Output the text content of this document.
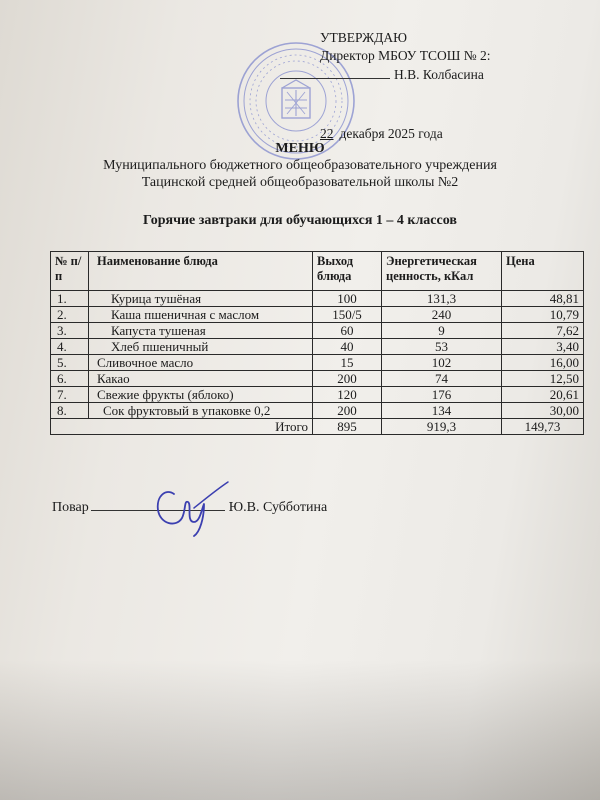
УТВЕРЖДАЮ
Директор МБОУ ТСОШ № 2:
Н.В. Колбасина
22 декабря 2025 года
МЕНЮ
Муниципального бюджетного общеобразовательного учреждения
Тацинской средней общеобразовательной школы №2
Горячие завтраки для обучающихся 1 – 4 классов
№ п/п	Наименование блюда	Выход блюда	Энергетическая ценность, кКал	Цена
1.	Курица тушёная	100	131,3	48,81
2.	Каша пшеничная с маслом	150/5	240	10,79
3.	Капуста тушеная	60	9	7,62
4.	Хлеб пшеничный	40	53	3,40
5.	Сливочное масло	15	102	16,00
6.	Какао	200	74	12,50
7.	Свежие фрукты (яблоко)	120	176	20,61
8.	Сок фруктовый в упаковке 0,2	200	134	30,00
Итого		895	919,3	149,73
Повар	Ю.В. Субботина
